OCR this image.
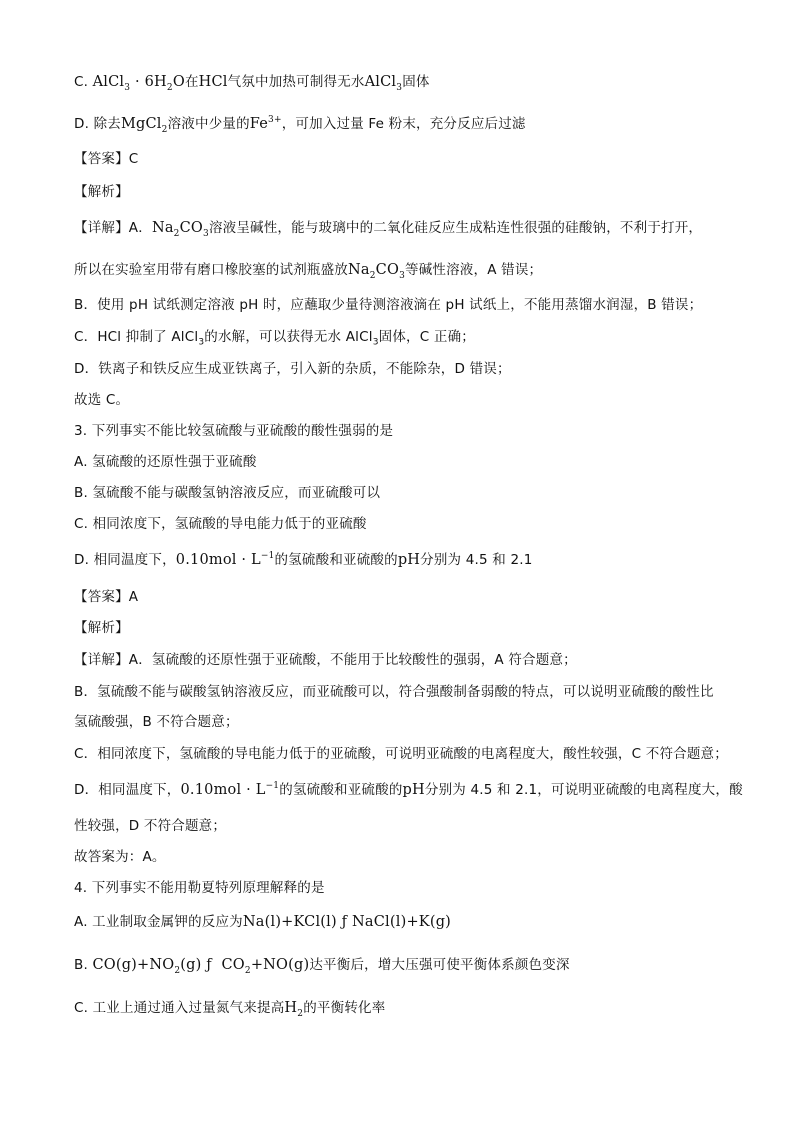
C. AlCl$_3$ · $6H_2O$在HCl气氛中加热可制得无水AlCl$_3$固体
D. 除去MgCl$_2$溶液中少量的$Fe^{3+}$，可加入过量 Fe 粉末，充分反应后过滤
【答案】C
【解析】
【详解】A．$Na_2CO_3$溶液呈碱性，能与玻璃中的二氧化硅反应生成粘连性很强的硅酸钠，不利于打开，
所以在实验室用带有磨口橡胶塞的试剂瓶盛放$Na_2CO_3$等碱性溶液，A 错误；
B．使用 pH 试纸测定溶液 pH 时，应蘸取少量待测溶液滴在 pH 试纸上，不能用蒸馏水润湿，B 错误；
C．HCl 抑制了 AlCl$_3$的水解，可以获得无水 AlCl$_3$固体，C 正确；
D．铁离子和铁反应生成亚铁离子，引入新的杂质，不能除杂，D 错误；
故选 C。
3. 下列事实不能比较氢硫酸与亚硫酸的酸性强弱的是
A. 氢硫酸的还原性强于亚硫酸
B. 氢硫酸不能与碳酸氢钠溶液反应，而亚硫酸可以
C. 相同浓度下，氢硫酸的导电能力低于的亚硫酸
D. 相同温度下，$0.10mol \cdot L^{-1}$的氢硫酸和亚硫酸的pH分别为 4.5 和 2.1
【答案】A
【解析】
【详解】A．氢硫酸的还原性强于亚硫酸，不能用于比较酸性的强弱，A 符合题意；
B．氢硫酸不能与碳酸氢钠溶液反应，而亚硫酸可以，符合强酸制备弱酸的特点，可以说明亚硫酸的酸性比
氢硫酸强，B 不符合题意；
C．相同浓度下，氢硫酸的导电能力低于的亚硫酸，可说明亚硫酸的电离程度大，酸性较强，C 不符合题意；
D．相同温度下，$0.10mol \cdot L^{-1}$的氢硫酸和亚硫酸的pH分别为 4.5 和 2.1，可说明亚硫酸的电离程度大，酸
性较强，D 不符合题意；
故答案为：A。
4. 下列事实不能用勒夏特列原理解释的是
A. 工业制取金属钾的反应为Na(l)+KCl(l) ƒ NaCl(l)+K(g)
B. $CO(g)+NO_2(g)$ ƒ  $CO_2+NO(g)$达平衡后，增大压强可使平衡体系颜色变深
C. 工业上通过通入过量氮气来提高$H_2$的平衡转化率
